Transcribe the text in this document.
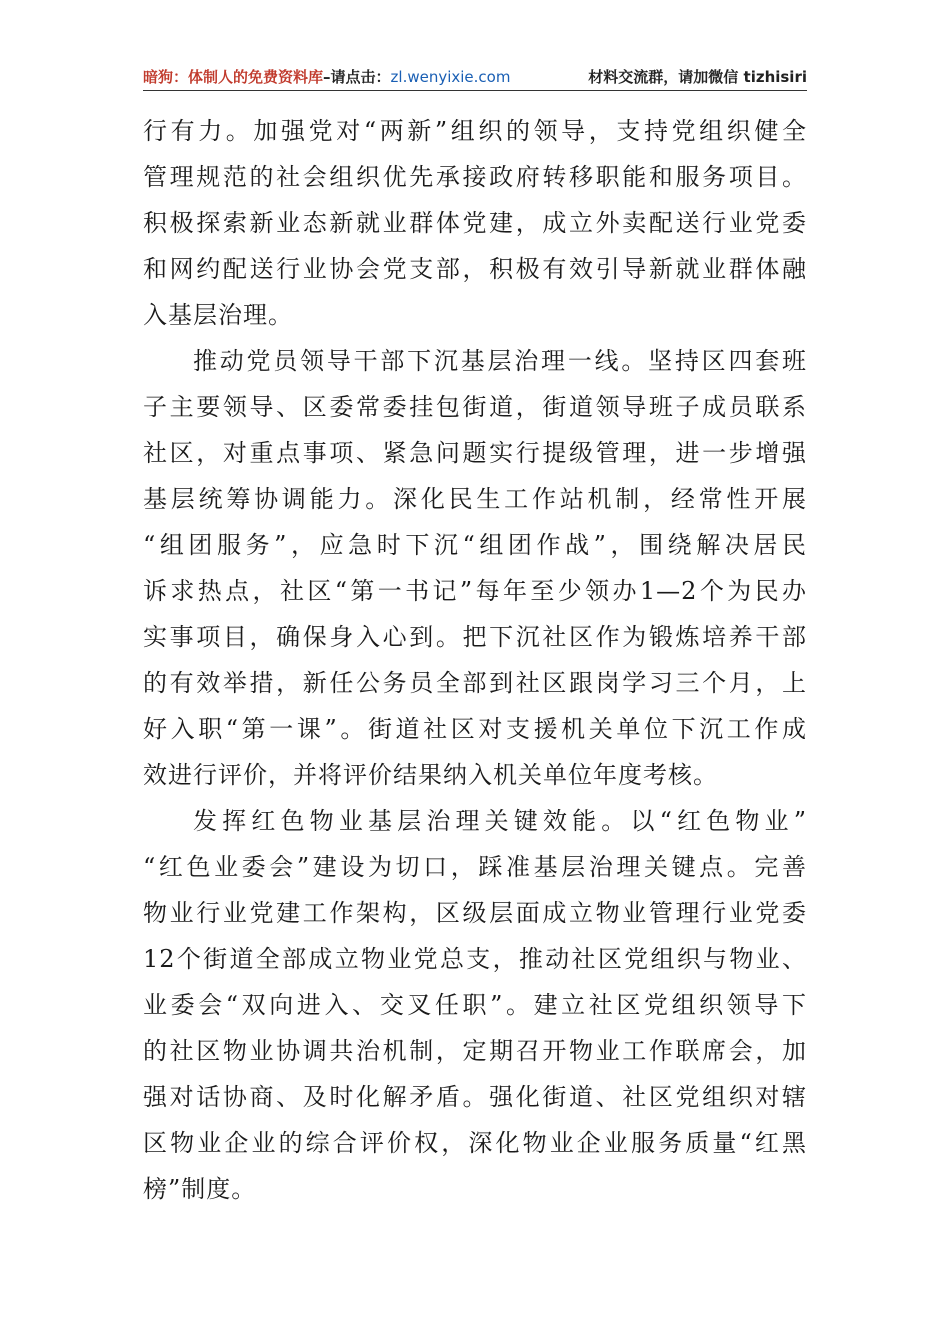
暗狗：体制人的免费资料库–请点击：zl.wenyixie.com	材料交流群，请加微信 tizhisiri
行有力。加强党对“两新”组织的领导，支持党组织健全
管理规范的社会组织优先承接政府转移职能和服务项目。
积极探索新业态新就业群体党建，成立外卖配送行业党委
和网约配送行业协会党支部，积极有效引导新就业群体融
入基层治理。
推动党员领导干部下沉基层治理一线。坚持区四套班
子主要领导、区委常委挂包街道，街道领导班子成员联系
社区，对重点事项、紧急问题实行提级管理，进一步增强
基层统筹协调能力。深化民生工作站机制，经常性开展
“组团服务”，应急时下沉“组团作战”，围绕解决居民
诉求热点，社区“第一书记”每年至少领办1—2个为民办
实事项目，确保身入心到。把下沉社区作为锻炼培养干部
的有效举措，新任公务员全部到社区跟岗学习三个月，上
好入职“第一课”。街道社区对支援机关单位下沉工作成
效进行评价，并将评价结果纳入机关单位年度考核。
发挥红色物业基层治理关键效能。以“红色物业”
“红色业委会”建设为切口，踩准基层治理关键点。完善
物业行业党建工作架构，区级层面成立物业管理行业党委
12个街道全部成立物业党总支，推动社区党组织与物业、
业委会“双向进入、交叉任职”。建立社区党组织领导下
的社区物业协调共治机制，定期召开物业工作联席会，加
强对话协商、及时化解矛盾。强化街道、社区党组织对辖
区物业企业的综合评价权，深化物业企业服务质量“红黑
榜”制度。
